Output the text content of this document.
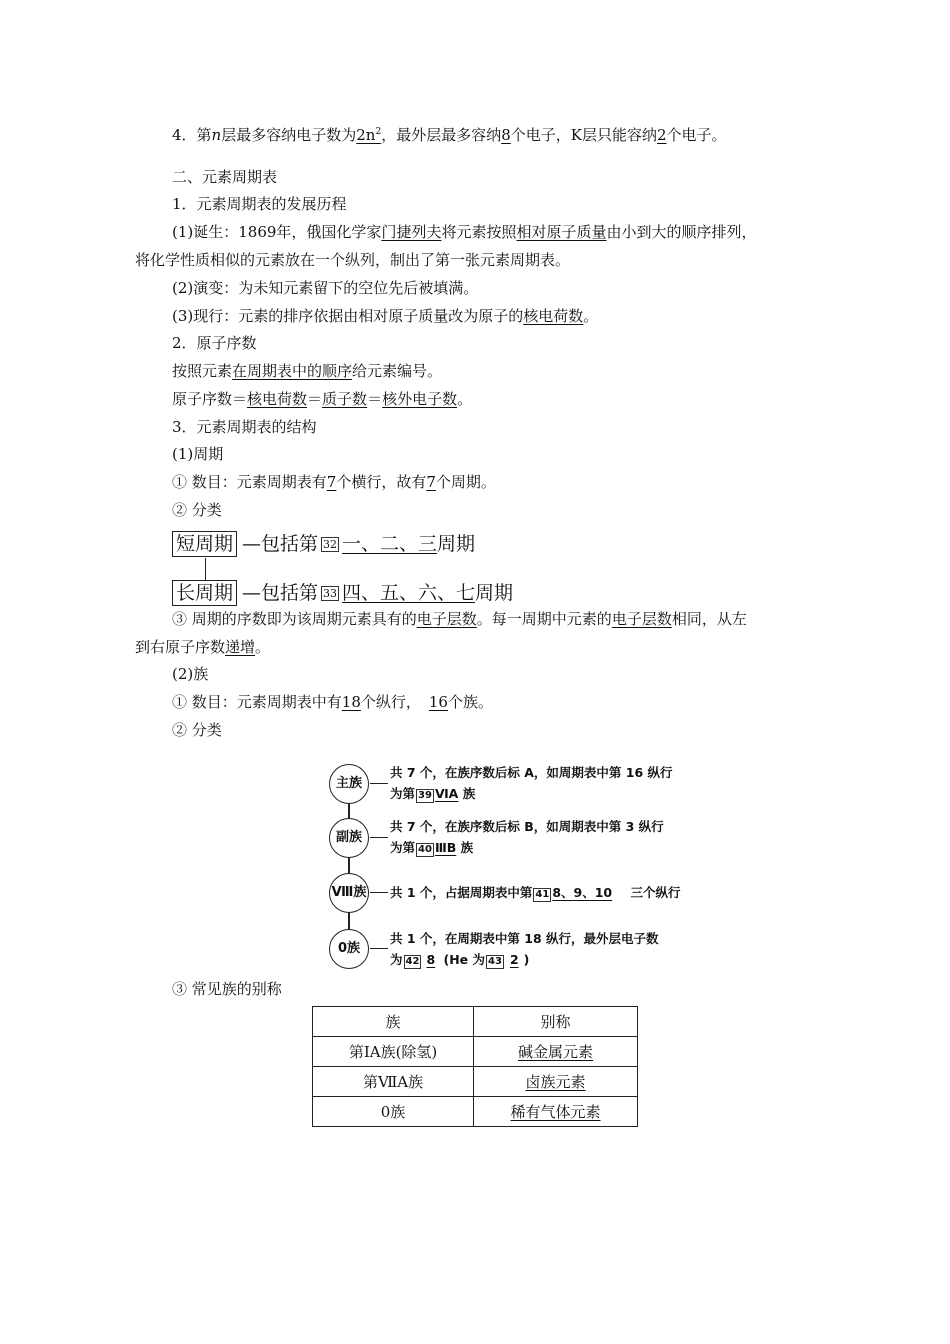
4．第n层最多容纳电子数为$2n^2$，最外层最多容纳8个电子，K层只能容纳2个电子。
二、元素周期表
1．元素周期表的发展历程
(1)诞生：1869年，俄国化学家门捷列夫将元素按照相对原子质量由小到大的顺序排列，
将化学性质相似的元素放在一个纵列，制出了第一张元素周期表。
(2)演变：为未知元素留下的空位先后被填满。
(3)现行：元素的排序依据由相对原子质量改为原子的核电荷数。
2．原子序数
按照元素在周期表中的顺序给元素编号。
原子序数＝核电荷数＝质子数＝核外电子数。
3．元素周期表的结构
(1)周期
① 数目：元素周期表有7个横行，故有7个周期。
② 分类
短周期 —包括第 32 一、二、三周期
长周期 —包括第 33 四、五、六、七周期
③ 周期的序数即为该周期元素具有的电子层数。每一周期中元素的电子层数相同，从左
到右原子序数递增。
(2)族
① 数目：元素周期表中有18个纵行， 16个族。
② 分类
主族
共 7 个，在族序数后标 A，如周期表中第 16 纵行
为第 39 ⅥA 族
副族
共 7 个，在族序数后标 B，如周期表中第 3 纵行
为第 40 ⅢB 族
Ⅷ族 共 1 个，占据周期表中第 41 8、9、10 三个纵行
0族
共 1 个，在周期表中第 18 纵行，最外层电子数
为 42 8 (He 为 43 2 )
③ 常见族的别称
族	别称
第ⅠA族(除氢)	碱金属元素
第ⅦA族	卤族元素
0族	稀有气体元素
